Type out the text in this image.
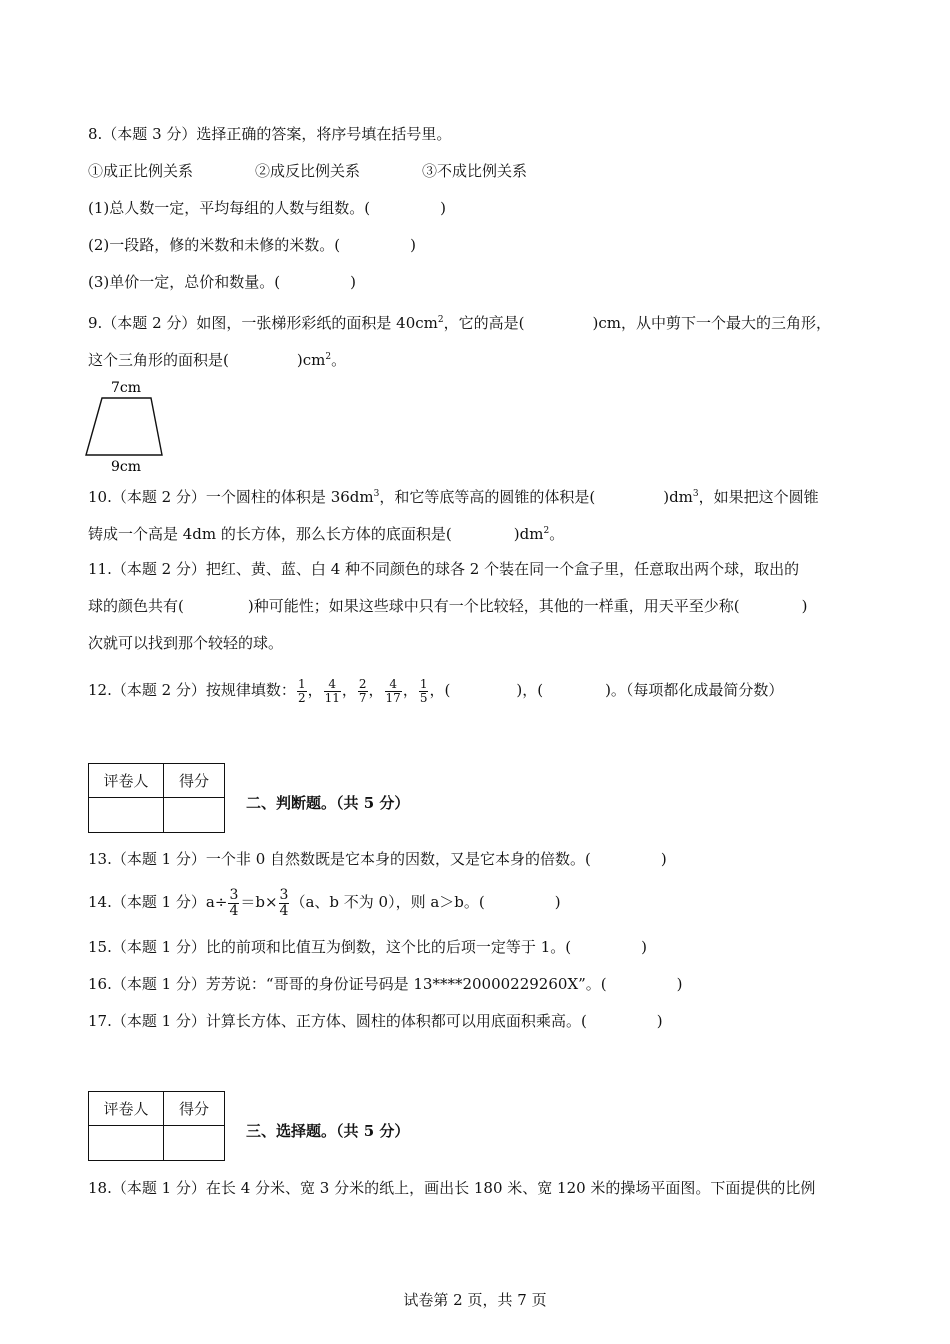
8.（本题 3 分）选择正确的答案，将序号填在括号里。
①成正比例关系	②成反比例关系	③不成比例关系
(1)总人数一定，平均每组的人数与组数。(	)
(2)一段路，修的米数和未修的米数。(	)
(3)单价一定，总价和数量。(	)
9.（本题 2 分）如图，一张梯形彩纸的面积是 $40cm^2$，它的高是(	)cm，从中剪下一个最大的三角形，
这个三角形的面积是(	)$cm^2$。
7cm
9cm
10.（本题 2 分）一个圆柱的体积是 $36dm^3$，和它等底等高的圆锥的体积是(	)$dm^3$，如果把这个圆锥
铸成一个高是 4dm 的长方体，那么长方体的底面积是(	)$dm^2$。
11.（本题 2 分）把红、黄、蓝、白 4 种不同颜色的球各 2 个装在同一个盒子里，任意取出两个球，取出的
球的颜色共有(	)种可能性；如果这些球中只有一个比较轻，其他的一样重，用天平至少称(	)
次就可以找到那个较轻的球。
12.（本题 2 分）按规律填数： $\frac{1}{2}$ ， $\frac{4}{11}$ ， $\frac{2}{7}$ ， $\frac{4}{17}$ ， $\frac{1}{5}$ ，(	)，(	)。（每项都化成最简分数）
评卷人	得分

二、判断题。（共 5 分）
13.（本题 1 分）一个非 0 自然数既是它本身的因数，又是它本身的倍数。(	)
14.（本题 1 分）$a\div \frac{3}{4} =b\times \frac{3}{4} (a$、b 不为 0），则 a＞b。(	)
15.（本题 1 分）比的前项和比值互为倒数，这个比的后项一定等于 1。(	)
16.（本题 1 分）芳芳说：“哥哥的身份证号码是 13****20000229260X”。(	)
17.（本题 1 分）计算长方体、正方体、圆柱的体积都可以用底面积乘高。(	)
评卷人	得分

三、选择题。（共 5 分）
18.（本题 1 分）在长 4 分米、宽 3 分米的纸上，画出长 180 米、宽 120 米的操场平面图。下面提供的比例
试卷第 2 页，共 7 页
